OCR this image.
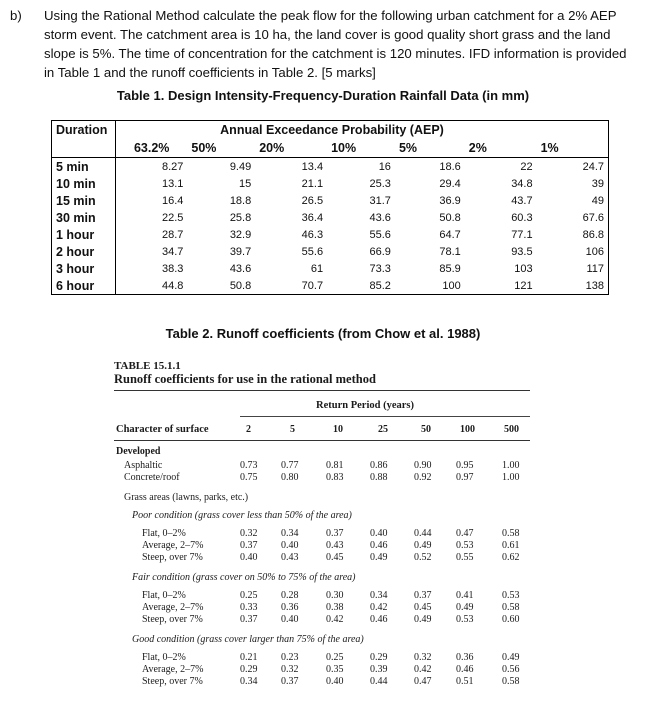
b) Using the Rational Method calculate the peak flow for the following urban catchment for a 2% AEP storm event. The catchment area is 10 ha, the land cover is good quality short grass and the land slope is 5%. The time of concentration for the catchment is 120 minutes. IFD information is provided in Table 1 and the runoff coefficients in Table 2. [5 marks]
Table 1. Design Intensity-Frequency-Duration Rainfall Data (in mm)
Duration	Annual Exceedance Probability (AEP)						
	63.2%	50%	20%	10%	5%	2%	1%
5 min	8.27	9.49	13.4	16	18.6	22	24.7
10 min	13.1	15	21.1	25.3	29.4	34.8	39
15 min	16.4	18.8	26.5	31.7	36.9	43.7	49
30 min	22.5	25.8	36.4	43.6	50.8	60.3	67.6
1 hour	28.7	32.9	46.3	55.6	64.7	77.1	86.8
2 hour	34.7	39.7	55.6	66.9	78.1	93.5	106
3 hour	38.3	43.6	61	73.3	85.9	103	117
6 hour	44.8	50.8	70.7	85.2	100	121	138
Table 2. Runoff coefficients (from Chow et al. 1988)
TABLE 15.1.1
Runoff coefficients for use in the rational method
Return Period (years)
Character of surface	2	5	10	25	50	100	500
Developed
Grass areas (lawns, parks, etc.)
Poor condition (grass cover less than 50% of the area)
Fair condition (grass cover on 50% to 75% of the area)
Good condition (grass cover larger than 75% of the area)
Asphaltic	0.73 0.77	0.81	0.86	0.90 0.95	1.00
Concrete/roof	0.75 0.80	0.83	0.88	0.92 0.97	1.00
Flat, 0–2%	0.32 0.34	0.37	0.40	0.44 0.47	0.58
Average, 2–7%	0.37 0.40	0.43	0.46	0.49 0.53	0.61
Steep, over 7%	0.40 0.43	0.45	0.49	0.52 0.55	0.62
Flat, 0–2%	0.25 0.28	0.30	0.34	0.37 0.41	0.53
Average, 2–7%	0.33 0.36	0.38	0.42	0.45 0.49	0.58
Steep, over 7%	0.37 0.40	0.42	0.46	0.49 0.53	0.60
Flat, 0–2%	0.21 0.23	0.25	0.29	0.32 0.36	0.49
Average, 2–7%	0.29 0.32	0.35	0.39	0.42 0.46	0.56
Steep, over 7%	0.34 0.37	0.40	0.44	0.47 0.51	0.58
